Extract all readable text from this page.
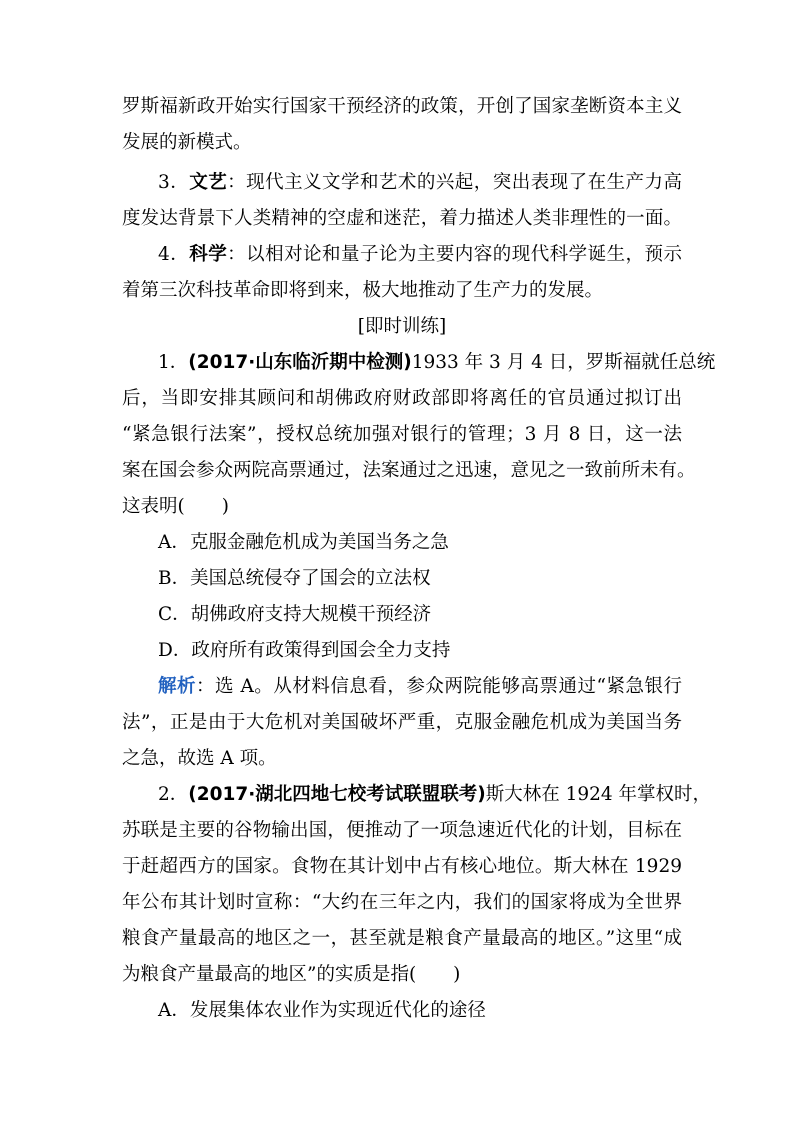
罗斯福新政开始实行国家干预经济的政策，开创了国家垄断资本主义
发展的新模式。
3．文艺：现代主义文学和艺术的兴起，突出表现了在生产力高
度发达背景下人类精神的空虚和迷茫，着力描述人类非理性的一面。
4．科学：以相对论和量子论为主要内容的现代科学诞生，预示
着第三次科技革命即将到来，极大地推动了生产力的发展。
[即时训练]
1．(2017·山东临沂期中检测)1933 年 3 月 4 日，罗斯福就任总统
后，当即安排其顾问和胡佛政府财政部即将离任的官员通过拟订出
“紧急银行法案”，授权总统加强对银行的管理；3 月 8 日，这一法
案在国会参众两院高票通过，法案通过之迅速，意见之一致前所未有。
这表明(　　)
A．克服金融危机成为美国当务之急
B．美国总统侵夺了国会的立法权
C．胡佛政府支持大规模干预经济
D．政府所有政策得到国会全力支持
解析：选 A。从材料信息看，参众两院能够高票通过“紧急银行
法”，正是由于大危机对美国破坏严重，克服金融危机成为美国当务
之急，故选 A 项。
2．(2017·湖北四地七校考试联盟联考)斯大林在 1924 年掌权时，
苏联是主要的谷物输出国，便推动了一项急速近代化的计划，目标在
于赶超西方的国家。食物在其计划中占有核心地位。斯大林在 1929
年公布其计划时宣称：“大约在三年之内，我们的国家将成为全世界
粮食产量最高的地区之一，甚至就是粮食产量最高的地区。”这里“成
为粮食产量最高的地区”的实质是指(　　)
A．发展集体农业作为实现近代化的途径
